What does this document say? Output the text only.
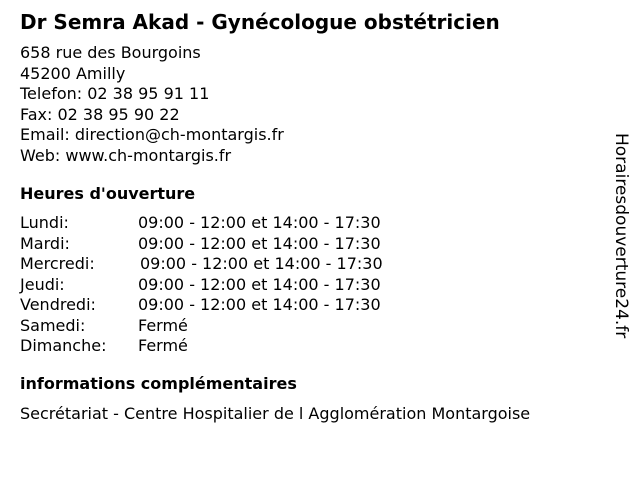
Dr Semra Akad - Gynécologue obstétricien
658 rue des Bourgoins
45200 Amilly
Telefon: 02 38 95 91 11
Fax: 02 38 95 90 22
Email: direction@ch-montargis.fr
Web: www.ch-montargis.fr
Heures d'ouverture
Lundi:	09:00 - 12:00 et 14:00 - 17:30
Mardi:	09:00 - 12:00 et 14:00 - 17:30
Mercredi:	09:00 - 12:00 et 14:00 - 17:30
Jeudi:	09:00 - 12:00 et 14:00 - 17:30
Vendredi:	09:00 - 12:00 et 14:00 - 17:30
Samedi:	Fermé
Dimanche: Fermé
informations complémentaires
Secrétariat - Centre Hospitalier de l Agglomération Montargoise
Horairesdouverture24.fr
